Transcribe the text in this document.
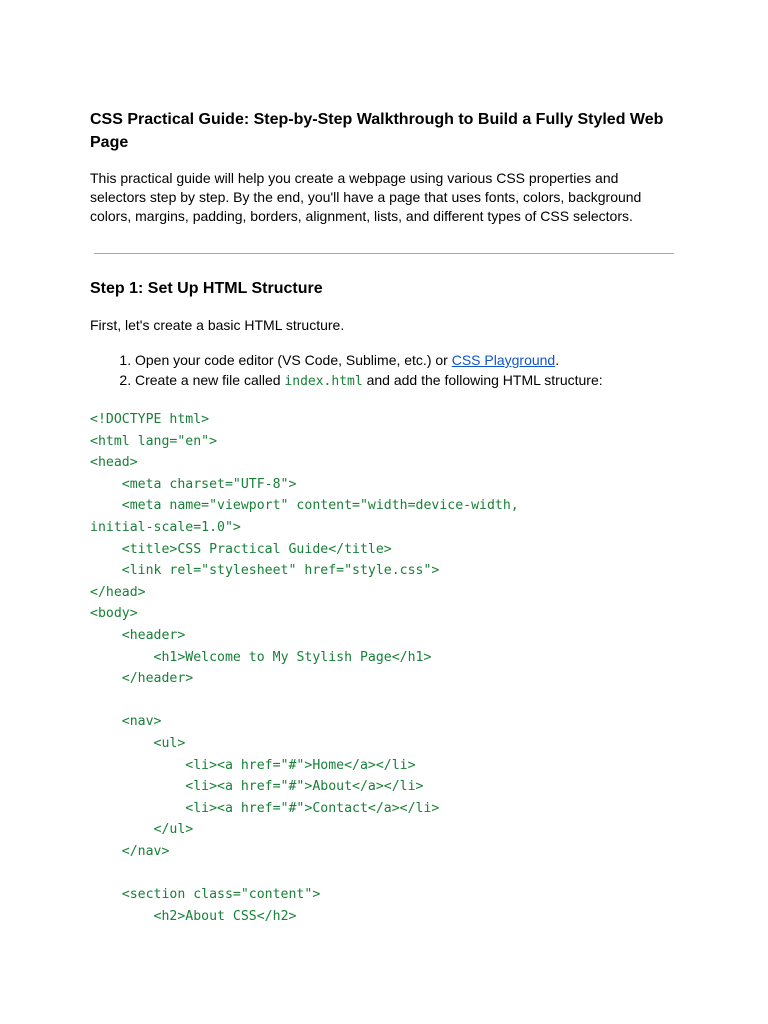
CSS Practical Guide: Step-by-Step Walkthrough to Build a Fully Styled Web Page

This practical guide will help you create a webpage using various CSS properties and selectors step by step. By the end, you'll have a page that uses fonts, colors, background colors, margins, padding, borders, alignment, lists, and different types of CSS selectors.

Step 1: Set Up HTML Structure

First, let's create a basic HTML structure.

1. Open your code editor (VS Code, Sublime, etc.) or CSS Playground.
2. Create a new file called index.html and add the following HTML structure:
<!DOCTYPE html>
<html lang="en">
<head>
<meta charset="UTF-8">
<meta name="viewport" content="width=device-width,
initial-scale=1.0">
<title>CSS Practical Guide</title>
<link rel="stylesheet" href="style.css">
</head>
<body>
<header>
<h1>Welcome to My Stylish Page</h1>
</header>

<nav>
<ul>
<li><a href="#">Home</a></li>
<li><a href="#">About</a></li>
<li><a href="#">Contact</a></li>
</ul>
</nav>

<section class="content">
<h2>About CSS</h2>
